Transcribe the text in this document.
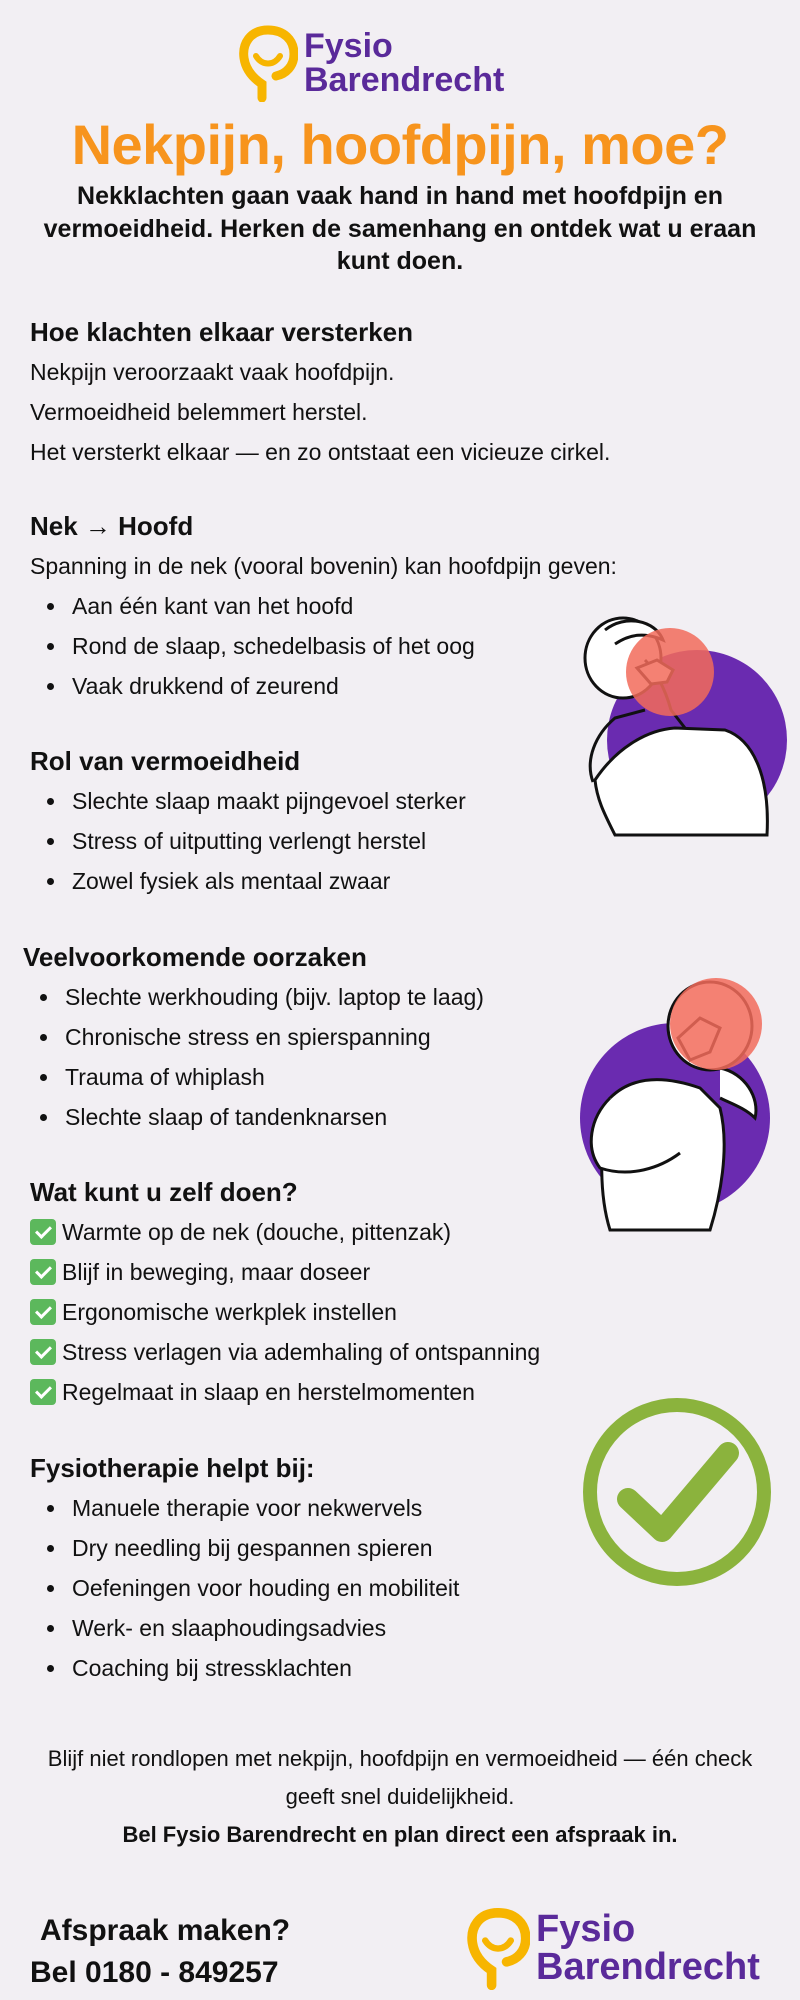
Fysio
Barendrecht
Nekpijn, hoofdpijn, moe?
Nekklachten gaan vaak hand in hand met hoofdpijn en vermoeidheid. Herken de samenhang en ontdek wat u eraan kunt doen.
Hoe klachten elkaar versterken
Nekpijn veroorzaakt vaak hoofdpijn.
Vermoeidheid belemmert herstel.
Het versterkt elkaar — en zo ontstaat een vicieuze cirkel.
Nek → Hoofd
Spanning in de nek (vooral bovenin) kan hoofdpijn geven:
Aan één kant van het hoofd
Rond de slaap, schedelbasis of het oog
Vaak drukkend of zeurend
Rol van vermoeidheid
Slechte slaap maakt pijngevoel sterker
Stress of uitputting verlengt herstel
Zowel fysiek als mentaal zwaar
Veelvoorkomende oorzaken
Slechte werkhouding (bijv. laptop te laag)
Chronische stress en spierspanning
Trauma of whiplash
Slechte slaap of tandenknarsen
Wat kunt u zelf doen?
Warmte op de nek (douche, pittenzak)
Blijf in beweging, maar doseer
Ergonomische werkplek instellen
Stress verlagen via ademhaling of ontspanning
Regelmaat in slaap en herstelmomenten
Fysiotherapie helpt bij:
Manuele therapie voor nekwervels
Dry needling bij gespannen spieren
Oefeningen voor houding en mobiliteit
Werk- en slaaphoudingsadvies
Coaching bij stressklachten
Blijf niet rondlopen met nekpijn, hoofdpijn en vermoeidheid — één check
geeft snel duidelijkheid.
Bel Fysio Barendrecht en plan direct een afspraak in.
Afspraak maken?
Bel 0180 - 849257
Fysio
Barendrecht
